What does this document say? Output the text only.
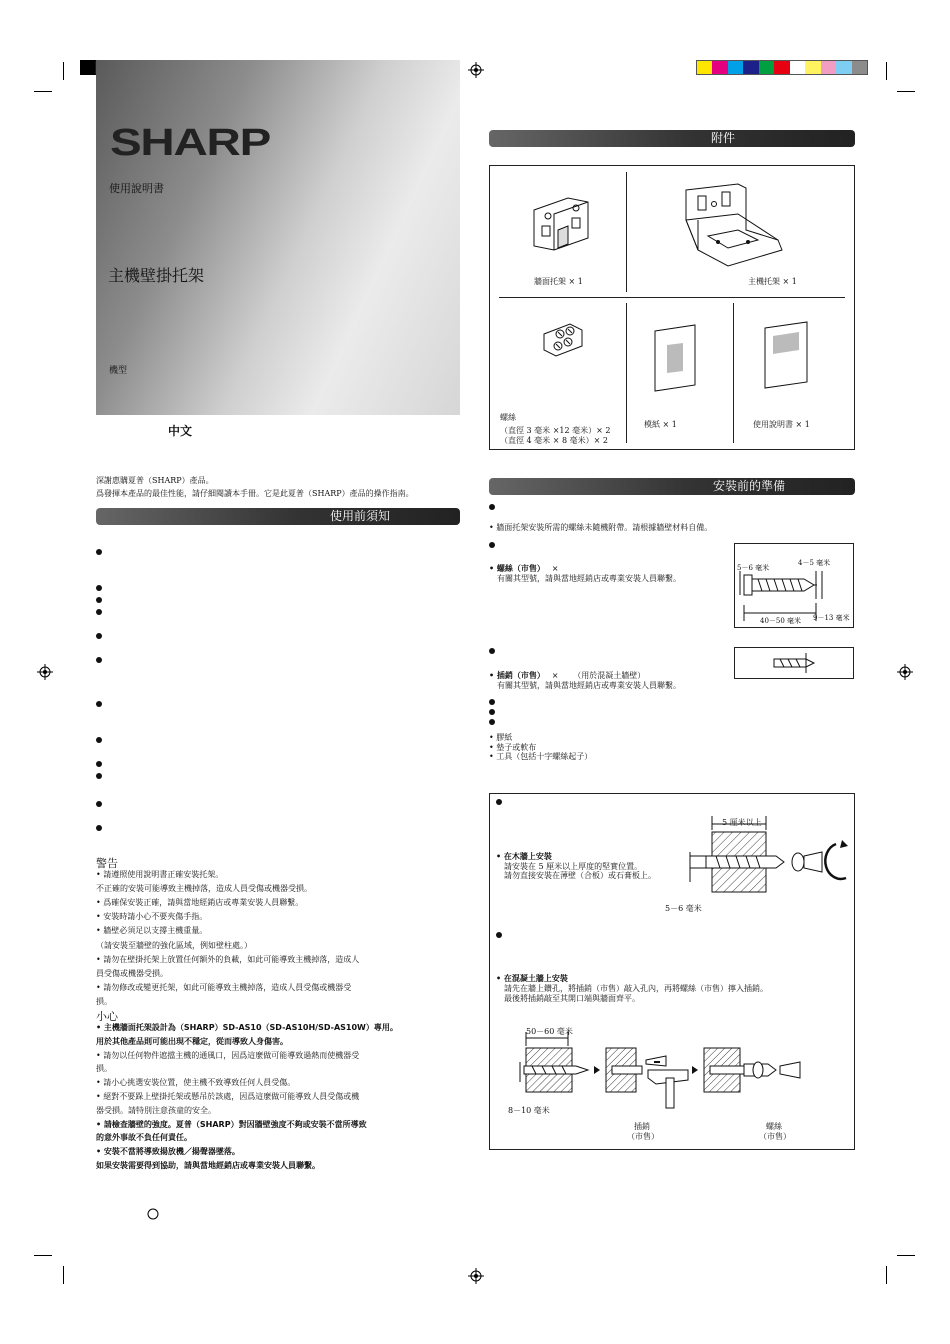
SHARP
使用說明書
主機壁掛托架
機型
中文
深謝惠購夏普（SHARP）產品。
爲發揮本產品的最佳性能，請仔細閱讀本手冊。它是此夏普（SHARP）產品的操作指南。
使用前須知
警告
• 請遵照使用說明書正確安裝托架。
不正確的安裝可能導致主機掉落，造成人員受傷或機器受損。
• 爲確保安裝正確，請與當地經銷店或專業安裝人員聯繫。
• 安裝時請小心不要夾傷手指。
• 牆壁必須足以支撐主機重量。
（請安裝至牆壁的強化區域，例如壁柱處。）
• 請勿在壁掛托架上放置任何額外的負載，如此可能導致主機掉落，造成人
員受傷或機器受損。
• 請勿修改或變更托架，如此可能導致主機掉落，造成人員受傷或機器受
損。
小心
• 主機牆面托架設計為（SHARP）SD-AS10（SD-AS10H/SD-AS10W）專用。
用於其他產品則可能出現不穩定，從而導致人身傷害。
• 請勿以任何物件遮擋主機的通風口，因爲這麼做可能導致過熱而使機器受
損。
• 請小心挑選安裝位置，使主機不致導致任何人員受傷。
• 絕對不要跺上壁掛托架或懸吊於該處，因爲這麼做可能導致人員受傷或機
器受損。請特別注意孩童的安全。
• 請檢查牆壁的強度。夏普（SHARP）對因牆壁強度不夠或安裝不當所導致
的意外事故不負任何責任。
• 安裝不當將導致揚放機／揚聲器墜落。
如果安裝需要得到協助，請與當地經銷店或專業安裝人員聯繫。
附件
牆面托架 × 1	主機托架 × 1
螺絲
（直徑 3 毫米 ×12 毫米）× 2
（直徑 4 毫米 × 8 毫米）× 2
模紙 × 1	使用說明書 × 1
安裝前的準備
• 牆面托架安裝所需的螺絲未隨機附帶。請根據牆壁材料自備。
• 螺絲（市售） ×
有關其型號，請與當地經銷店或專業安裝人員聯繫。
5－6 毫米
4－5 毫米
40－50 毫米 9－13 毫米
• 插銷（市售） × （用於混凝土牆壁）
有關其型號，請與當地經銷店或專業安裝人員聯繫。
• 膠紙
• 墊子或軟布
• 工具（包括十字螺絲起子）
5 厘米以上
• 在木牆上安裝
請安裝在 5 厘米以上厚度的堅實位置。
請勿直接安裝在薄壁（合板）或石膏板上。
5－6 毫米
• 在混凝土牆上安裝
請先在牆上鑽孔，將插銷（市售）敲入孔內，再將螺絲（市售）擰入插銷。
最後將插銷敲至其開口端與牆面齊平。
50－60 毫米
8－10 毫米
插銷
（市售）
螺絲
（市售）
